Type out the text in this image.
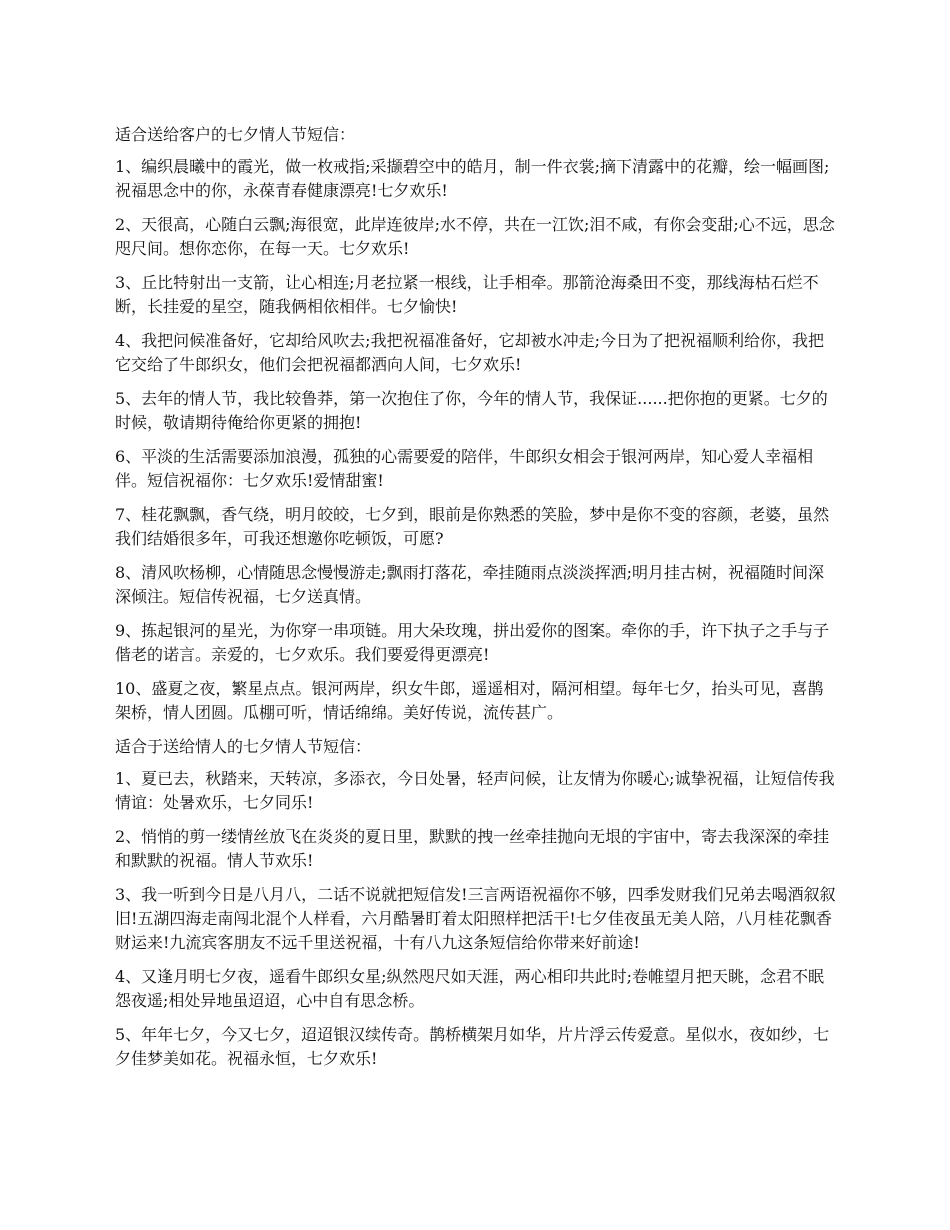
适合送给客户的七夕情人节短信：

1、编织晨曦中的霞光，做一枚戒指;采撷碧空中的皓月，制一件衣裳;摘下清露中的花瓣，绘一幅画图;祝福思念中的你，永葆青春健康漂亮!七夕欢乐!

2、天很高，心随白云飘;海很宽，此岸连彼岸;水不停，共在一江饮;泪不咸，有你会变甜;心不远，思念咫尺间。想你恋你，在每一天。七夕欢乐!

3、丘比特射出一支箭，让心相连;月老拉紧一根线，让手相牵。那箭沧海桑田不变，那线海枯石烂不断，长挂爱的星空，随我俩相依相伴。七夕愉快!

4、我把问候准备好，它却给风吹去;我把祝福准备好，它却被水冲走;今日为了把祝福顺利给你，我把它交给了牛郎织女，他们会把祝福都洒向人间，七夕欢乐!

5、去年的情人节，我比较鲁莽，第一次抱住了你，今年的情人节，我保证......把你抱的更紧。七夕的时候，敬请期待俺给你更紧的拥抱!

6、平淡的生活需要添加浪漫，孤独的心需要爱的陪伴，牛郎织女相会于银河两岸，知心爱人幸福相伴。短信祝福你：七夕欢乐!爱情甜蜜!

7、桂花飘飘，香气绕，明月皎皎，七夕到，眼前是你熟悉的笑脸，梦中是你不变的容颜，老婆，虽然我们结婚很多年，可我还想邀你吃顿饭，可愿?

8、清风吹杨柳，心情随思念慢慢游走;飘雨打落花，牵挂随雨点淡淡挥洒;明月挂古树，祝福随时间深深倾注。短信传祝福，七夕送真情。

9、拣起银河的星光，为你穿一串项链。用大朵玫瑰，拼出爱你的图案。牵你的手，许下执子之手与子偕老的诺言。亲爱的，七夕欢乐。我们要爱得更漂亮!

10、盛夏之夜，繁星点点。银河两岸，织女牛郎，遥遥相对，隔河相望。每年七夕，抬头可见，喜鹊架桥，情人团圆。瓜棚可听，情话绵绵。美好传说，流传甚广。

适合于送给情人的七夕情人节短信：

1、夏已去，秋踏来，天转凉，多添衣，今日处暑，轻声问候，让友情为你暖心;诚挚祝福，让短信传我情谊：处暑欢乐，七夕同乐!

2、悄悄的剪一缕情丝放飞在炎炎的夏日里，默默的拽一丝牵挂抛向无垠的宇宙中，寄去我深深的牵挂和默默的祝福。情人节欢乐!

3、我一听到今日是八月八，二话不说就把短信发!三言两语祝福你不够，四季发财我们兄弟去喝酒叙叙旧!五湖四海走南闯北混个人样看，六月酷暑盯着太阳照样把活干!七夕佳夜虽无美人陪，八月桂花飘香财运来!九流宾客朋友不远千里送祝福，十有八九这条短信给你带来好前途!

4、又逢月明七夕夜，遥看牛郎织女星;纵然咫尺如天涯，两心相印共此时;卷帷望月把天眺，念君不眠怨夜遥;相处异地虽迢迢，心中自有思念桥。

5、年年七夕，今又七夕，迢迢银汉续传奇。鹊桥横架月如华，片片浮云传爱意。星似水，夜如纱，七夕佳梦美如花。祝福永恒，七夕欢乐!
